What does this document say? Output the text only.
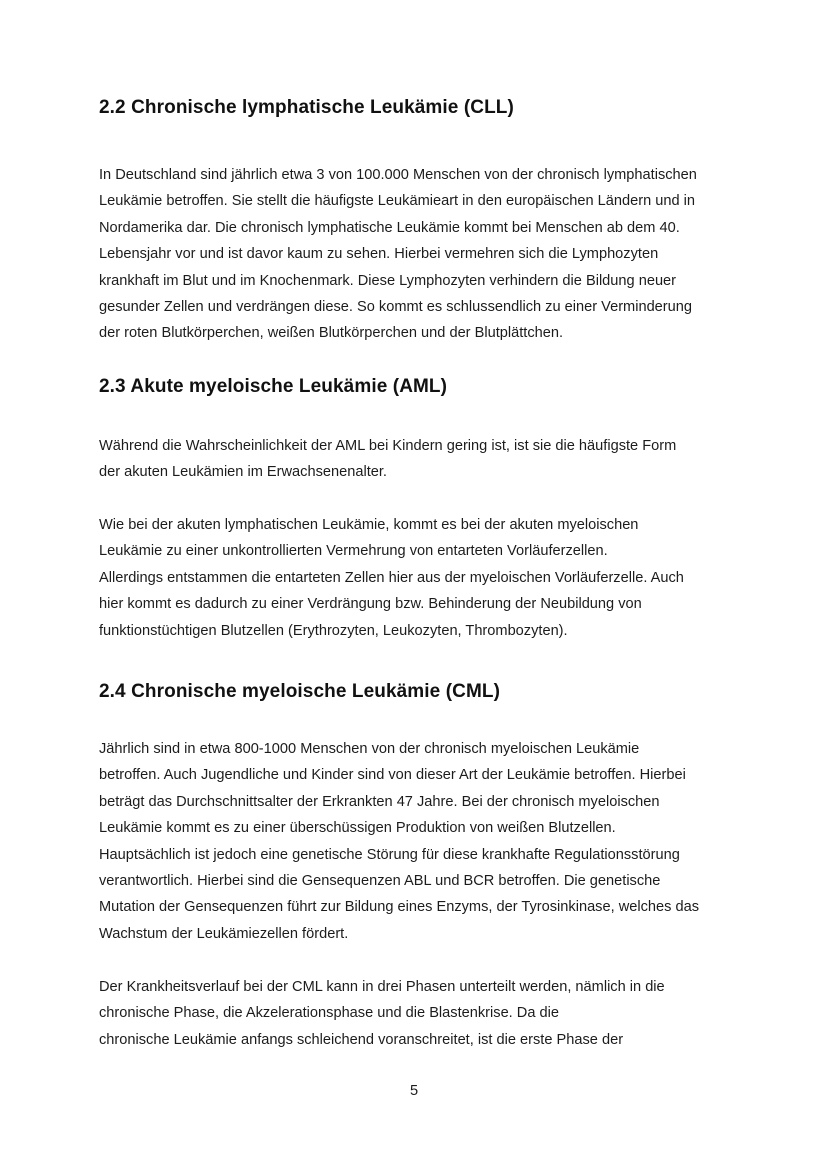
2.2 Chronische lymphatische Leukämie (CLL)
In Deutschland sind jährlich etwa 3 von 100.000 Menschen von der chronisch lymphatischen
Leukämie betroffen. Sie stellt die häufigste Leukämieart in den europäischen Ländern und in
Nordamerika dar. Die chronisch lymphatische Leukämie kommt bei Menschen ab dem 40.
Lebensjahr vor und ist davor kaum zu sehen. Hierbei vermehren sich die Lymphozyten
krankhaft im Blut und im Knochenmark. Diese Lymphozyten verhindern die Bildung neuer
gesunder Zellen und verdrängen diese. So kommt es schlussendlich zu einer Verminderung
der roten Blutkörperchen, weißen Blutkörperchen und der Blutplättchen.
2.3 Akute myeloische Leukämie (AML)
Während die Wahrscheinlichkeit der AML bei Kindern gering ist, ist sie die häufigste Form
der akuten Leukämien im Erwachsenenalter.
Wie bei der akuten lymphatischen Leukämie, kommt es bei der akuten myeloischen
Leukämie zu einer unkontrollierten Vermehrung von entarteten Vorläuferzellen.
Allerdings entstammen die entarteten Zellen hier aus der myeloischen Vorläuferzelle. Auch
hier kommt es dadurch zu einer Verdrängung bzw. Behinderung der Neubildung von
funktionstüchtigen Blutzellen (Erythrozyten, Leukozyten, Thrombozyten).
2.4 Chronische myeloische Leukämie (CML)
Jährlich sind in etwa 800-1000 Menschen von der chronisch myeloischen Leukämie
betroffen. Auch Jugendliche und Kinder sind von dieser Art der Leukämie betroffen. Hierbei
beträgt das Durchschnittsalter der Erkrankten 47 Jahre. Bei der chronisch myeloischen
Leukämie kommt es zu einer überschüssigen Produktion von weißen Blutzellen.
Hauptsächlich ist jedoch eine genetische Störung für diese krankhafte Regulationsstörung
verantwortlich. Hierbei sind die Gensequenzen ABL und BCR betroffen. Die genetische
Mutation der Gensequenzen führt zur Bildung eines Enzyms, der Tyrosinkinase, welches das
Wachstum der Leukämiezellen fördert.
Der Krankheitsverlauf bei der CML kann in drei Phasen unterteilt werden, nämlich in die
chronische Phase, die Akzelerationsphase und die Blastenkrise. Da die
chronische Leukämie anfangs schleichend voranschreitet, ist die erste Phase der
5
